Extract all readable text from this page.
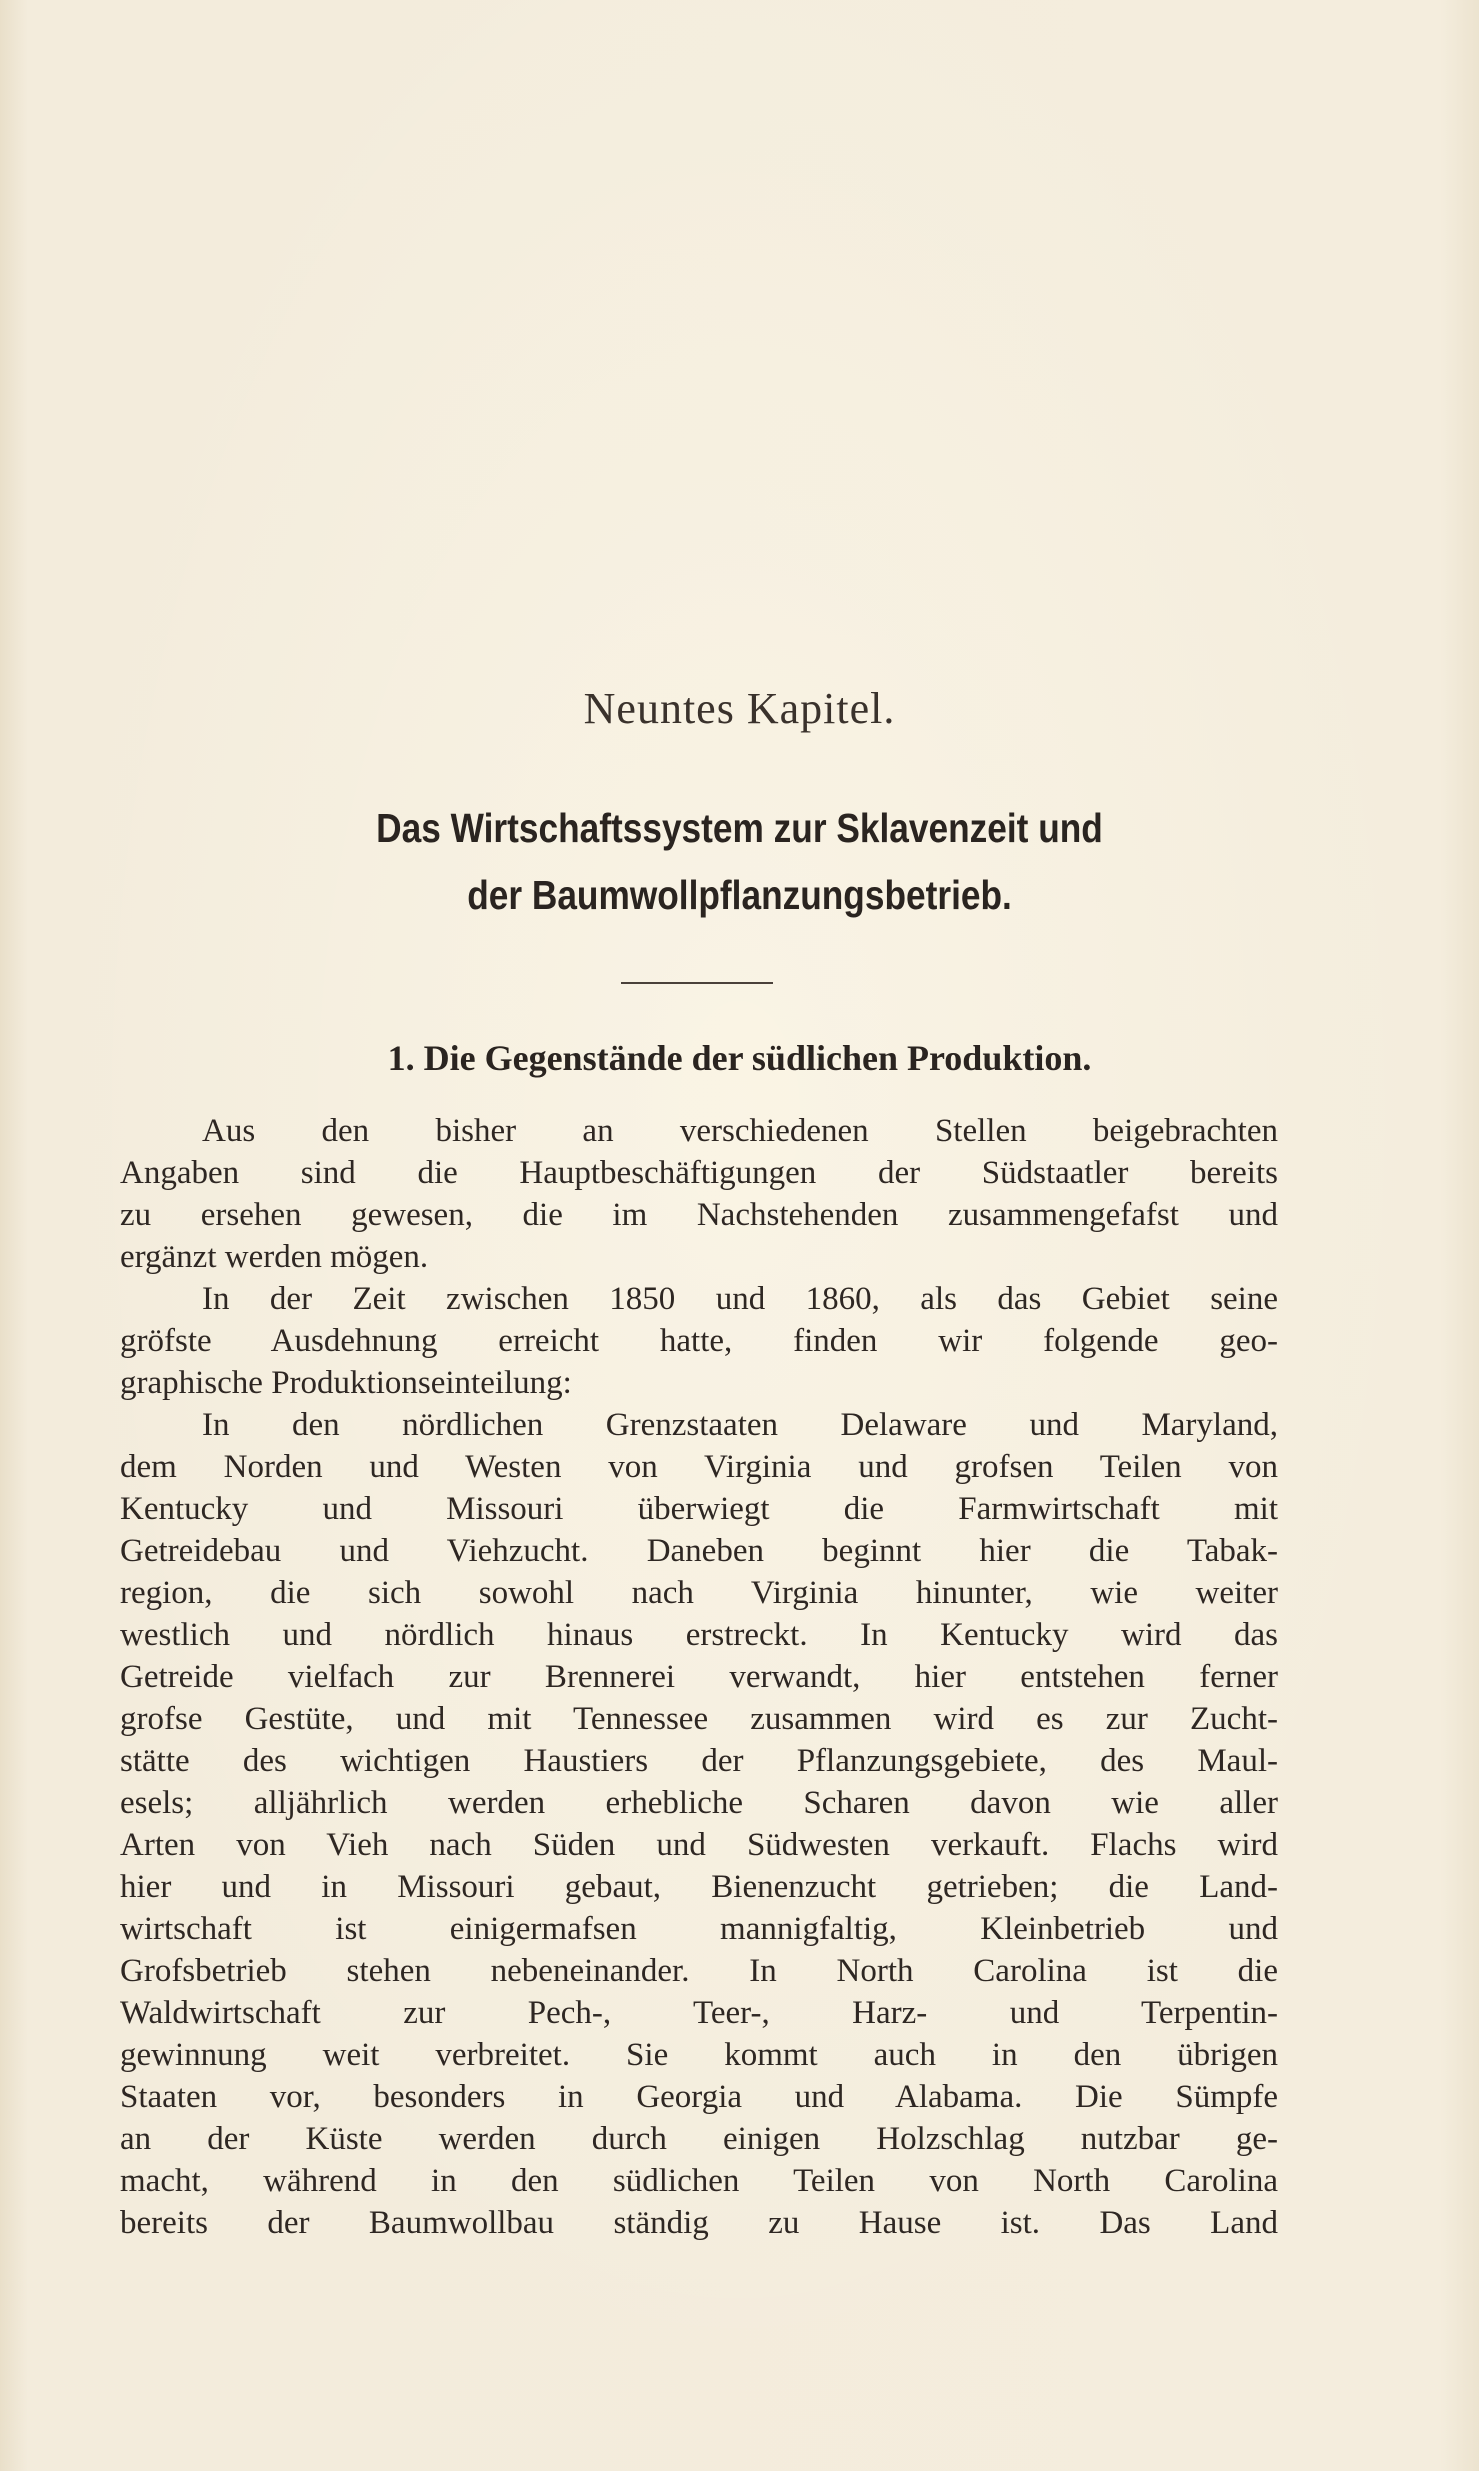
Neuntes Kapitel.
Das Wirtschaftssystem zur Sklavenzeit und
der Baumwollpflanzungsbetrieb.
1. Die Gegenstände der südlichen Produktion.
Aus den bisher an verschiedenen Stellen beigebrachten
Angaben sind die Hauptbeschäftigungen der Südstaatler bereits
zu ersehen gewesen, die im Nachstehenden zusammengefafst und
ergänzt werden mögen.
In der Zeit zwischen 1850 und 1860, als das Gebiet seine
gröfste Ausdehnung erreicht hatte, finden wir folgende geo-
graphische Produktionseinteilung:
In den nördlichen Grenzstaaten Delaware und Maryland,
dem Norden und Westen von Virginia und grofsen Teilen von
Kentucky und Missouri überwiegt die Farmwirtschaft mit
Getreidebau und Viehzucht. Daneben beginnt hier die Tabak-
region, die sich sowohl nach Virginia hinunter, wie weiter
westlich und nördlich hinaus erstreckt. In Kentucky wird das
Getreide vielfach zur Brennerei verwandt, hier entstehen ferner
grofse Gestüte, und mit Tennessee zusammen wird es zur Zucht-
stätte des wichtigen Haustiers der Pflanzungsgebiete, des Maul-
esels; alljährlich werden erhebliche Scharen davon wie aller
Arten von Vieh nach Süden und Südwesten verkauft. Flachs wird
hier und in Missouri gebaut, Bienenzucht getrieben; die Land-
wirtschaft ist einigermafsen mannigfaltig, Kleinbetrieb und
Grofsbetrieb stehen nebeneinander. In North Carolina ist die
Waldwirtschaft zur Pech-, Teer-, Harz- und Terpentin-
gewinnung weit verbreitet. Sie kommt auch in den übrigen
Staaten vor, besonders in Georgia und Alabama. Die Sümpfe
an der Küste werden durch einigen Holzschlag nutzbar ge-
macht, während in den südlichen Teilen von North Carolina
bereits der Baumwollbau ständig zu Hause ist. Das Land
